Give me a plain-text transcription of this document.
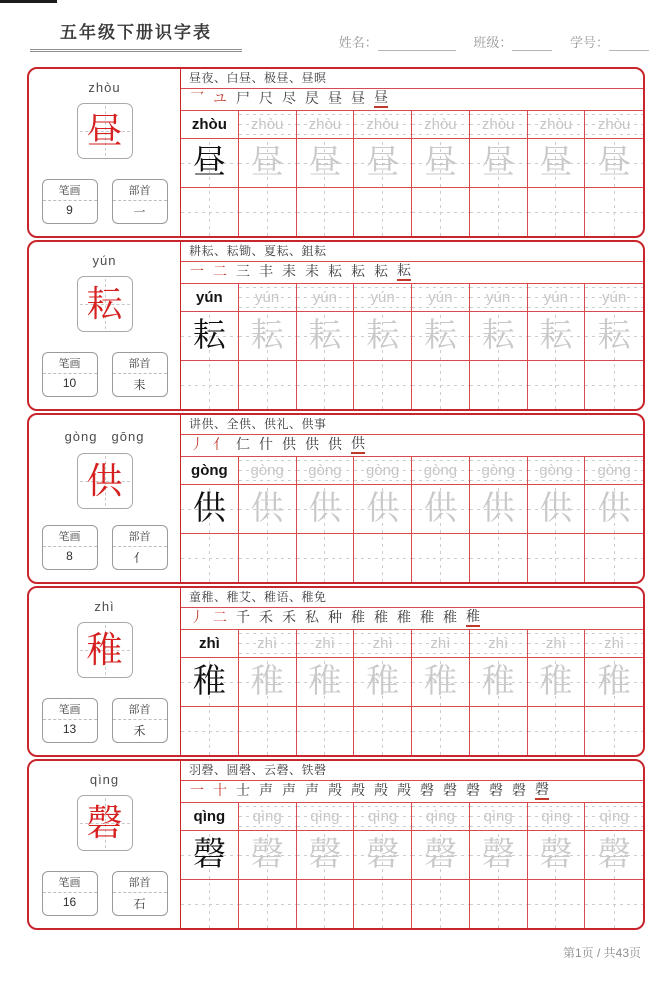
五年级下册识字表
姓名：	班级：	学号：
zhòu
昼
笔画
9
部首
一
昼夜、白昼、极昼、昼暝
乛 ユ 尸 尺 尽 昃 昼 昼 昼
zhòu	zhòu	zhòu	zhòu	zhòu	zhòu	zhòu	zhòu
昼 昼 昼 昼 昼 昼 昼 昼
yún
耘
笔画
10
部首
耒
耕耘、耘锄、夏耘、鉏耘
一 二 三 丰 耒 耒 耘 耘 耘 耘
yún	yún	yún	yún	yún	yún	yún	yún
耘 耘 耘 耘 耘 耘 耘 耘
gòng　gōng
供
笔画
8
部首
亻
讲供、全供、供礼、供事
丿 亻 仁 什 供 供 供 供
gòng	gòng	gòng	gòng	gòng	gòng	gòng	gòng
供 供 供 供 供 供 供 供
zhì
稚
笔画
13
部首
禾
童稚、稚艾、稚语、稚免
丿 二 千 禾 禾 私 种 稚 稚 稚 稚 稚 稚
zhì	zhì	zhì	zhì	zhì	zhì	zhì	zhì
稚 稚 稚 稚 稚 稚 稚 稚
qìng
磬
笔画
16
部首
石
羽磬、圆磬、云磬、铁磬
一 十 士 声 声 声 殸 殸 殸 殸 磬 磬 磬 磬 磬 磬
qìng	qìng	qìng	qìng	qìng	qìng	qìng	qìng
磬 磬 磬 磬 磬 磬 磬 磬
第1页 / 共43页
